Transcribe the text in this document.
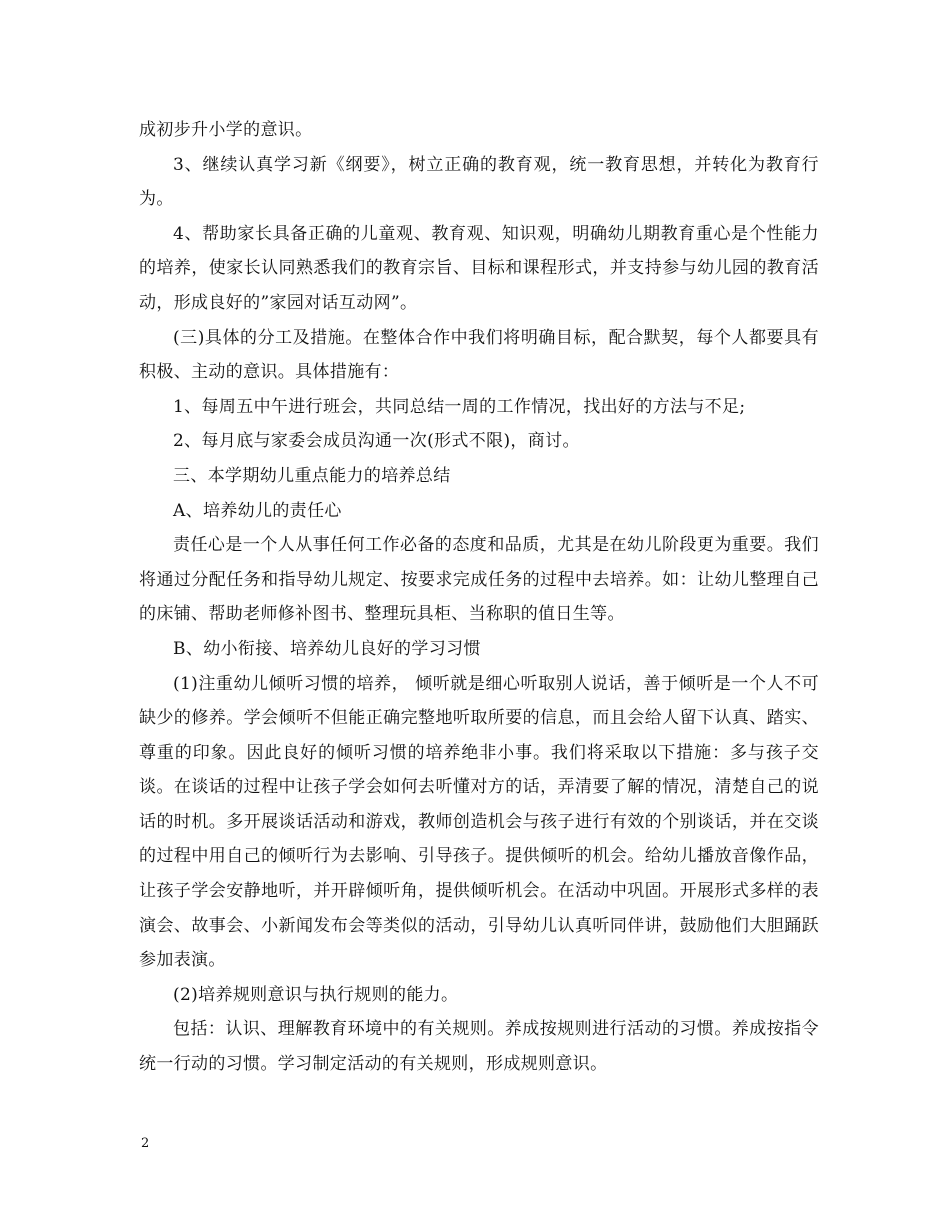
成初步升小学的意识。

3、继续认真学习新《纲要》，树立正确的教育观，统一教育思想，并转化为教育行为。

4、帮助家长具备正确的儿童观、教育观、知识观，明确幼儿期教育重心是个性能力的培养，使家长认同熟悉我们的教育宗旨、目标和课程形式，并支持参与幼儿园的教育活动，形成良好的”家园对话互动网”。

(三)具体的分工及措施。在整体合作中我们将明确目标，配合默契，每个人都要具有积极、主动的意识。具体措施有：

1、每周五中午进行班会，共同总结一周的工作情况，找出好的方法与不足;

2、每月底与家委会成员沟通一次(形式不限)，商讨。

三、本学期幼儿重点能力的培养总结

A、培养幼儿的责任心

责任心是一个人从事任何工作必备的态度和品质，尤其是在幼儿阶段更为重要。我们将通过分配任务和指导幼儿规定、按要求完成任务的过程中去培养。如：让幼儿整理自己的床铺、帮助老师修补图书、整理玩具柜、当称职的值日生等。

B、幼小衔接、培养幼儿良好的学习习惯

(1)注重幼儿倾听习惯的培养， 倾听就是细心听取别人说话，善于倾听是一个人不可缺少的修养。学会倾听不但能正确完整地听取所要的信息，而且会给人留下认真、踏实、尊重的印象。因此良好的倾听习惯的培养绝非小事。我们将采取以下措施：多与孩子交谈。在谈话的过程中让孩子学会如何去听懂对方的话，弄清要了解的情况，清楚自己的说话的时机。多开展谈话活动和游戏，教师创造机会与孩子进行有效的个别谈话，并在交谈的过程中用自己的倾听行为去影响、引导孩子。提供倾听的机会。给幼儿播放音像作品，让孩子学会安静地听，并开辟倾听角，提供倾听机会。在活动中巩固。开展形式多样的表演会、故事会、小新闻发布会等类似的活动，引导幼儿认真听同伴讲，鼓励他们大胆踊跃参加表演。

(2)培养规则意识与执行规则的能力。

包括：认识、理解教育环境中的有关规则。养成按规则进行活动的习惯。养成按指令统一行动的习惯。学习制定活动的有关规则，形成规则意识。

2
